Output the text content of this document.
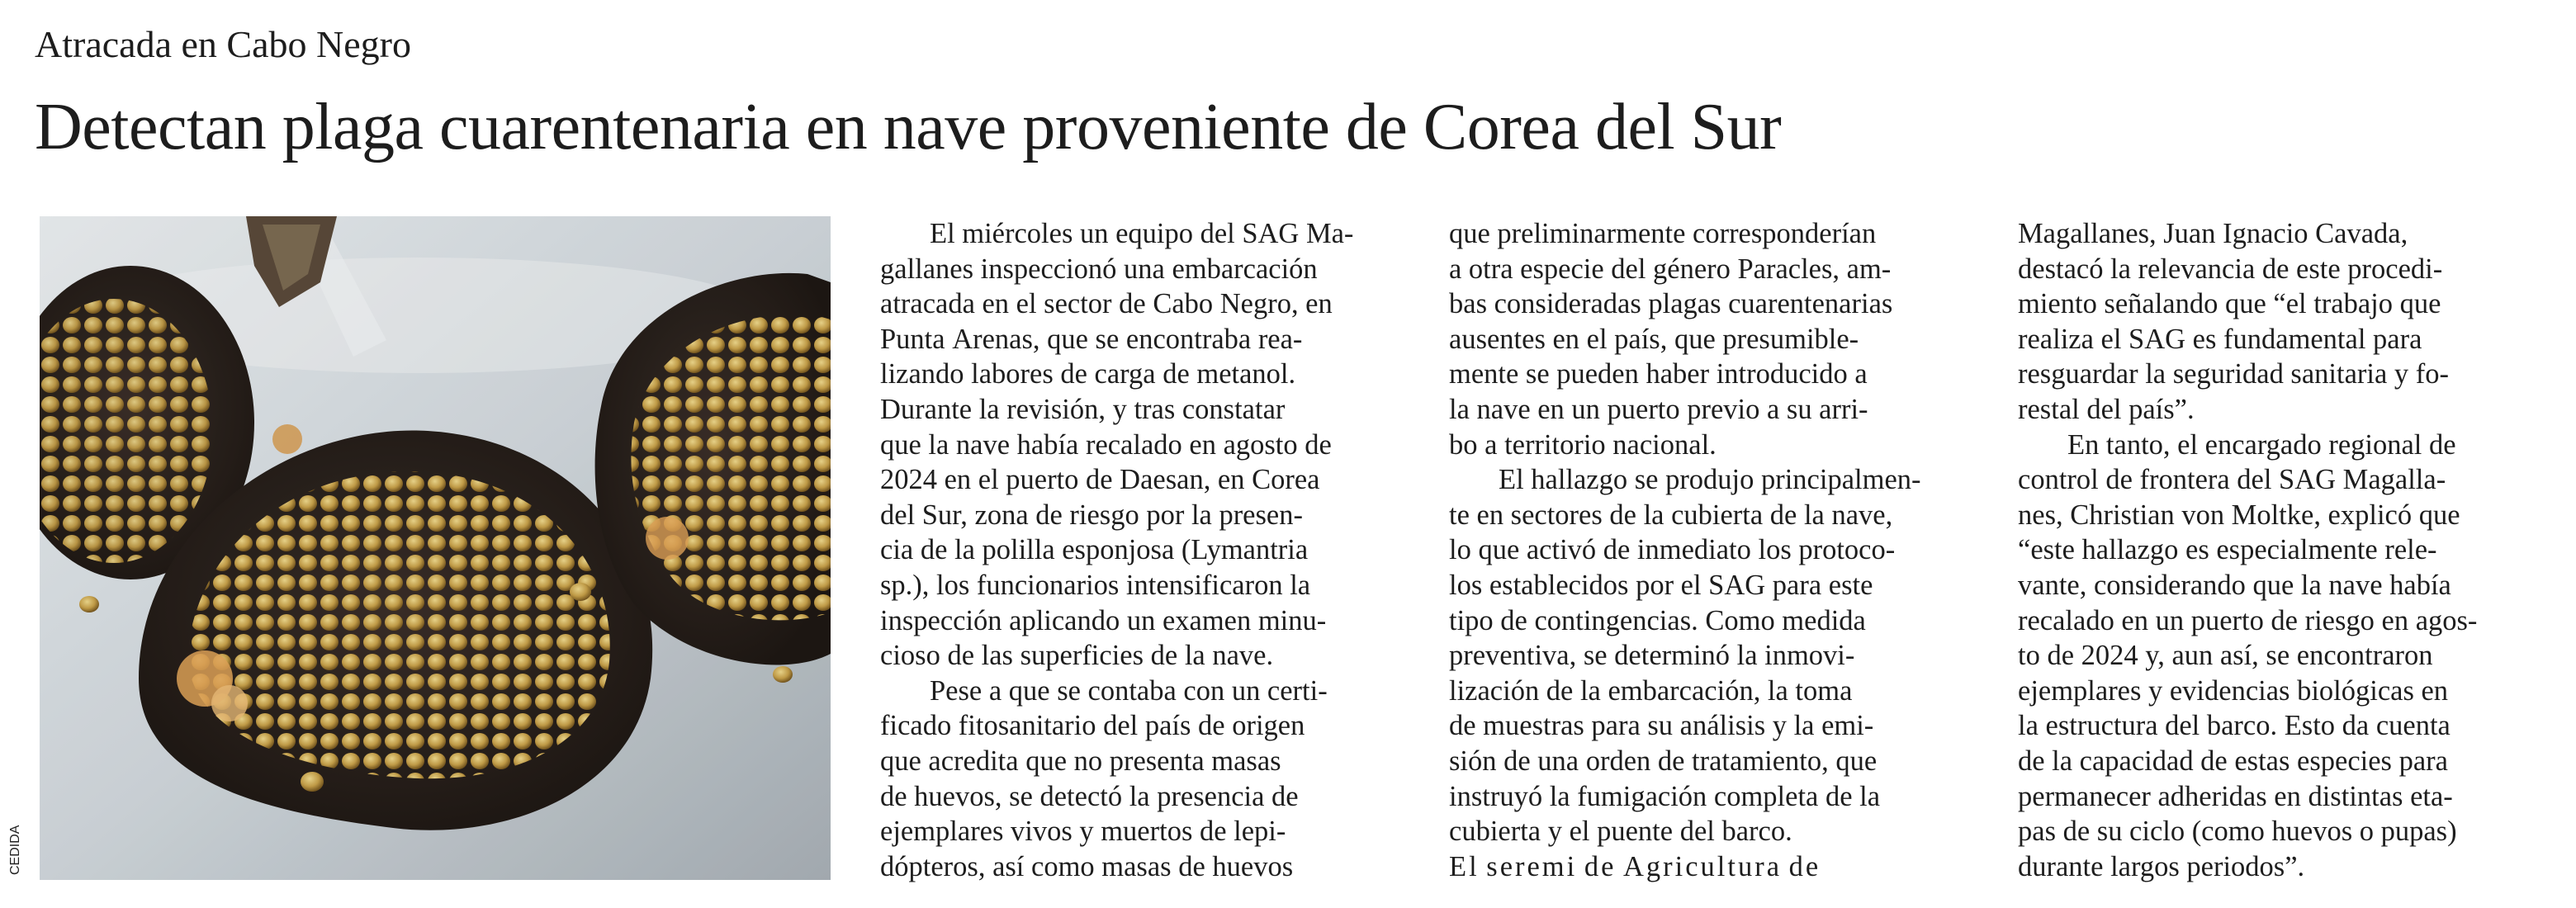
Atracada en Cabo Negro
Detectan plaga cuarentenaria en nave proveniente de Corea del Sur
CEDIDA
El miércoles un equipo del SAG Ma-
gallanes inspeccionó una embarcación
atracada en el sector de Cabo Negro, en
Punta Arenas, que se encontraba rea-
lizando labores de carga de metanol.
Durante la revisión, y tras constatar
que la nave había recalado en agosto de
2024 en el puerto de Daesan, en Corea
del Sur, zona de riesgo por la presen-
cia de la polilla esponjosa (Lymantria
sp.), los funcionarios intensificaron la
inspección aplicando un examen minu-
cioso de las superficies de la nave.
Pese a que se contaba con un certi-
ficado fitosanitario del país de origen
que acredita que no presenta masas
de huevos, se detectó la presencia de
ejemplares vivos y muertos de lepi-
dópteros, así como masas de huevos
que preliminarmente corresponderían
a otra especie del género Paracles, am-
bas consideradas plagas cuarentenarias
ausentes en el país, que presumible-
mente se pueden haber introducido a
la nave en un puerto previo a su arri-
bo a territorio nacional.
El hallazgo se produjo principalmen-
te en sectores de la cubierta de la nave,
lo que activó de inmediato los protoco-
los establecidos por el SAG para este
tipo de contingencias. Como medida
preventiva, se determinó la inmovi-
lización de la embarcación, la toma
de muestras para su análisis y la emi-
sión de una orden de tratamiento, que
instruyó la fumigación completa de la
cubierta y el puente del barco.
El seremi de Agricultura de
Magallanes, Juan Ignacio Cavada,
destacó la relevancia de este procedi-
miento señalando que “el trabajo que
realiza el SAG es fundamental para
resguardar la seguridad sanitaria y fo-
restal del país”.
En tanto, el encargado regional de
control de frontera del SAG Magalla-
nes, Christian von Moltke, explicó que
“este hallazgo es especialmente rele-
vante, considerando que la nave había
recalado en un puerto de riesgo en agos-
to de 2024 y, aun así, se encontraron
ejemplares y evidencias biológicas en
la estructura del barco. Esto da cuenta
de la capacidad de estas especies para
permanecer adheridas en distintas eta-
pas de su ciclo (como huevos o pupas)
durante largos periodos”.
